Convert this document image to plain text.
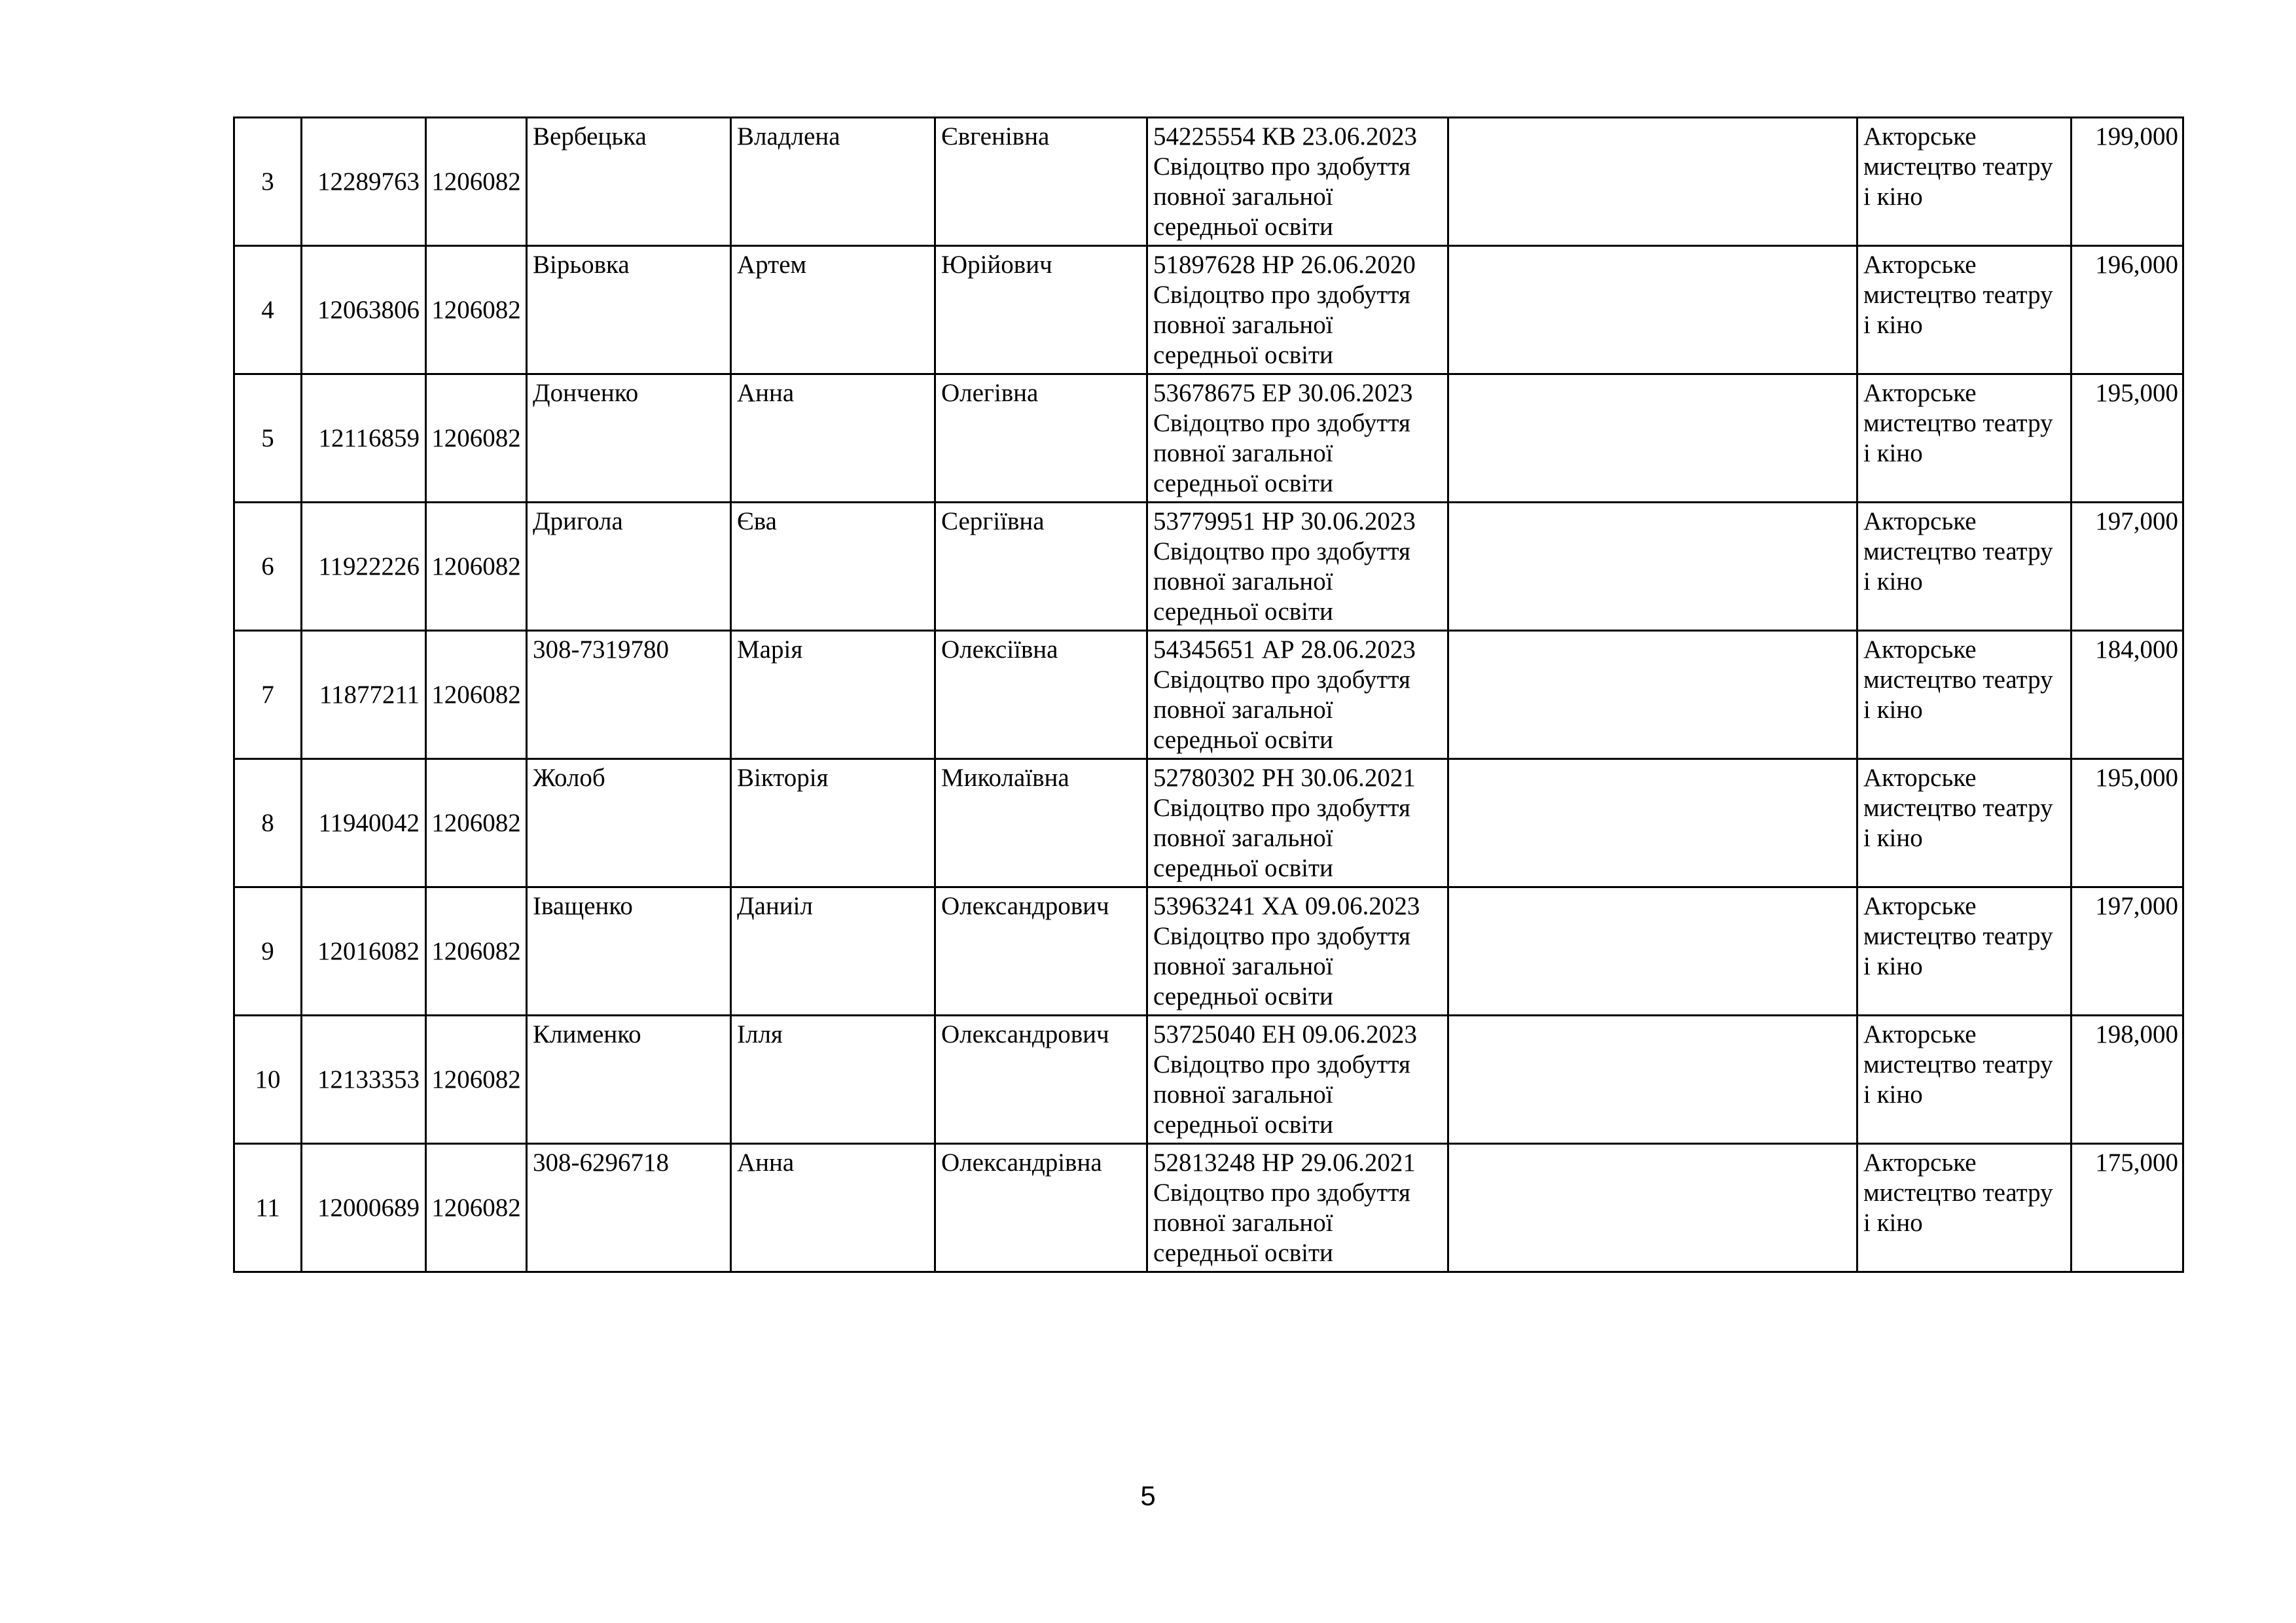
3	12289763	1206082	Вербецька	Владлена	Євгенівна	54225554 КВ 23.06.2023 Свідоцтво про здобуття повної загальної середньої освіти		Акторське мистецтво театру і кіно	199,000
4	12063806	1206082	Вірьовка	Артем	Юрійович	51897628 НР 26.06.2020 Свідоцтво про здобуття повної загальної середньої освіти		Акторське мистецтво театру і кіно	196,000
5	12116859	1206082	Донченко	Анна	Олегівна	53678675 ЕР 30.06.2023 Свідоцтво про здобуття повної загальної середньої освіти		Акторське мистецтво театру і кіно	195,000
6	11922226	1206082	Дригола	Єва	Сергіївна	53779951 НР 30.06.2023 Свідоцтво про здобуття повної загальної середньої освіти		Акторське мистецтво театру і кіно	197,000
7	11877211	1206082	308-7319780	Марія	Олексіївна	54345651 АР 28.06.2023 Свідоцтво про здобуття повної загальної середньої освіти		Акторське мистецтво театру і кіно	184,000
8	11940042	1206082	Жолоб	Вікторія	Миколаївна	52780302 РН 30.06.2021 Свідоцтво про здобуття повної загальної середньої освіти		Акторське мистецтво театру і кіно	195,000
9	12016082	1206082	Іващенко	Даниіл	Олександрович	53963241 ХА 09.06.2023 Свідоцтво про здобуття повної загальної середньої освіти		Акторське мистецтво театру і кіно	197,000
10	12133353	1206082	Клименко	Ілля	Олександрович	53725040 ЕН 09.06.2023 Свідоцтво про здобуття повної загальної середньої освіти		Акторське мистецтво театру і кіно	198,000
11	12000689	1206082	308-6296718	Анна	Олександрівна	52813248 НР 29.06.2021 Свідоцтво про здобуття повної загальної середньої освіти		Акторське мистецтво театру і кіно	175,000
5
